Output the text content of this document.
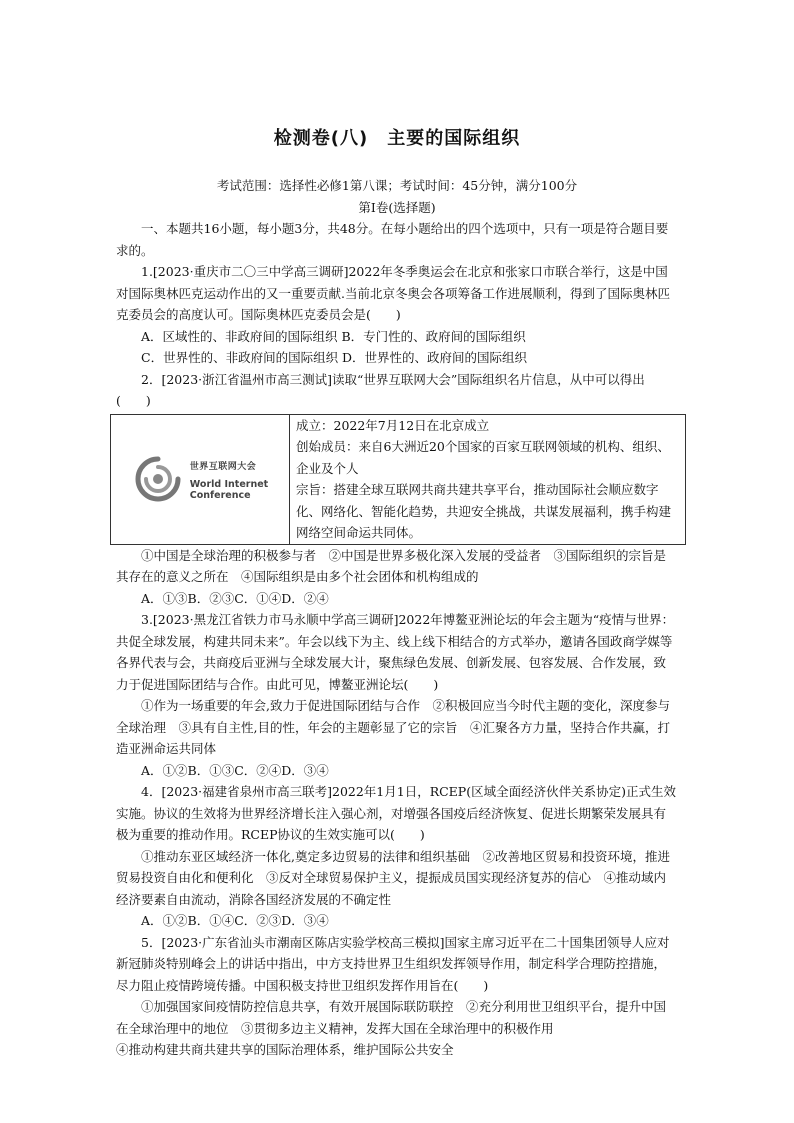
检测卷(八)　主要的国际组织

考试范围：选择性必修1第八课；考试时间：45分钟，满分100分

第Ⅰ卷(选择题)

一、本题共16小题，每小题3分，共48分。在每小题给出的四个选项中，只有一项是符合题目要求的。

1.[2023·重庆市二〇三中学高三调研]2022年冬季奥运会在北京和张家口市联合举行，这是中国对国际奥林匹克运动作出的又一重要贡献.当前北京冬奥会各项筹备工作进展顺利，得到了国际奥林匹克委员会的高度认可。国际奥林匹克委员会是(　　)

A．区域性的、非政府间的国际组织 B．专门性的、政府间的国际组织

C．世界性的、非政府间的国际组织 D．世界性的、政府间的国际组织

2．[2023·浙江省温州市高三测试]读取“世界互联网大会”国际组织名片信息，从中可以得出(　　)

世界互联网大会
World Internet
Conference

成立：2022年7月12日在北京成立

创始成员：来自6大洲近20个国家的百家互联网领域的机构、组织、企业及个人

宗旨：搭建全球互联网共商共建共享平台，推动国际社会顺应数字化、网络化、智能化趋势，共迎安全挑战，共谋发展福利，携手构建网络空间命运共同体。

①中国是全球治理的积极参与者　②中国是世界多极化深入发展的受益者　③国际组织的宗旨是其存在的意义之所在　④国际组织是由多个社会团体和机构组成的

A．①③B．②③C．①④D．②④

3.[2023·黑龙江省铁力市马永顺中学高三调研]2022年博鳌亚洲论坛的年会主题为“疫情与世界：共促全球发展，构建共同未来”。年会以线下为主、线上线下相结合的方式举办，邀请各国政商学媒等各界代表与会，共商疫后亚洲与全球发展大计，聚焦绿色发展、创新发展、包容发展、合作发展，致力于促进国际团结与合作。由此可见，博鳌亚洲论坛(　　)

①作为一场重要的年会,致力于促进国际团结与合作　②积极回应当今时代主题的变化，深度参与全球治理　③具有自主性,目的性，年会的主题彰显了它的宗旨　④汇聚各方力量，坚持合作共赢，打造亚洲命运共同体

A．①②B．①③C．②④D．③④

4．[2023·福建省泉州市高三联考]2022年1月1日，RCEP(区域全面经济伙伴关系协定)正式生效实施。协议的生效将为世界经济增长注入强心剂，对增强各国疫后经济恢复、促进长期繁荣发展具有极为重要的推动作用。RCEP协议的生效实施可以(　　)

①推动东亚区域经济一体化,奠定多边贸易的法律和组织基础　②改善地区贸易和投资环境，推进贸易投资自由化和便利化　③反对全球贸易保护主义，提振成员国实现经济复苏的信心　④推动域内经济要素自由流动，消除各国经济发展的不确定性

A．①②B．①④C．②③D．③④

5．[2023·广东省汕头市潮南区陈店实验学校高三模拟]国家主席习近平在二十国集团领导人应对新冠肺炎特别峰会上的讲话中指出，中方支持世界卫生组织发挥领导作用，制定科学合理防控措施，尽力阻止疫情跨境传播。中国积极支持世卫组织发挥作用旨在(　　)

①加强国家间疫情防控信息共享，有效开展国际联防联控　②充分利用世卫组织平台，提升中国在全球治理中的地位　③贯彻多边主义精神，发挥大国在全球治理中的积极作用

④推动构建共商共建共享的国际治理体系，维护国际公共安全
